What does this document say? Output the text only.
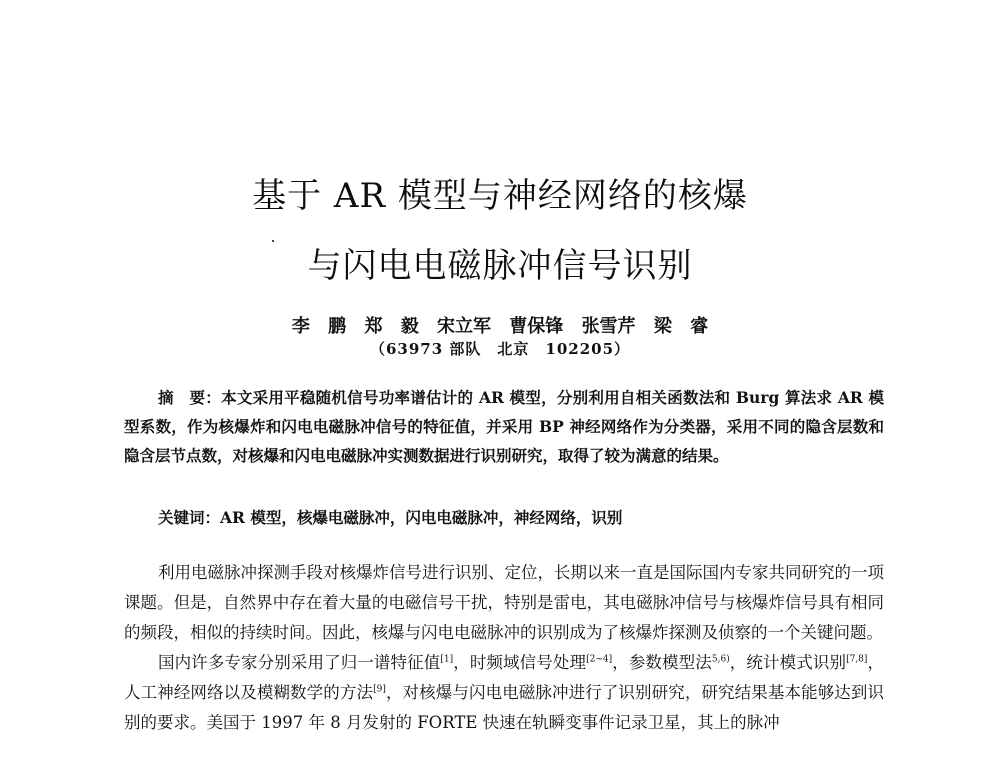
基于 AR 模型与神经网络的核爆
与闪电电磁脉冲信号识别
李 鹏 郑 毅 宋立军 曹保锋 张雪芹 梁 睿
（63973 部队　北京　102205）

摘　要：本文采用平稳随机信号功率谱估计的 AR 模型，分别利用自相关函数法和 Burg 算法求 AR 模型系数，作为核爆炸和闪电电磁脉冲信号的特征值，并采用 BP 神经网络作为分类器，采用不同的隐含层数和隐含层节点数，对核爆和闪电电磁脉冲实测数据进行识别研究，取得了较为满意的结果。

关键词：AR 模型，核爆电磁脉冲，闪电电磁脉冲，神经网络，识别

利用电磁脉冲探测手段对核爆炸信号进行识别、定位，长期以来一直是国际国内专家共同研究的一项课题。但是，自然界中存在着大量的电磁信号干扰，特别是雷电，其电磁脉冲信号与核爆炸信号具有相同的频段，相似的持续时间。因此，核爆与闪电电磁脉冲的识别成为了核爆炸探测及侦察的一个关键问题。

国内许多专家分别采用了归一谱特征值[1]，时频域信号处理[2~4]，参数模型法$^{5,6)}$，统计模式识别[7,8]，人工神经网络以及模糊数学的方法[9]，对核爆与闪电电磁脉冲进行了识别研究，研究结果基本能够达到识别的要求。美国于 1997 年 8 月发射的 FORTE 快速在轨瞬变事件记录卫星，其上的脉冲
